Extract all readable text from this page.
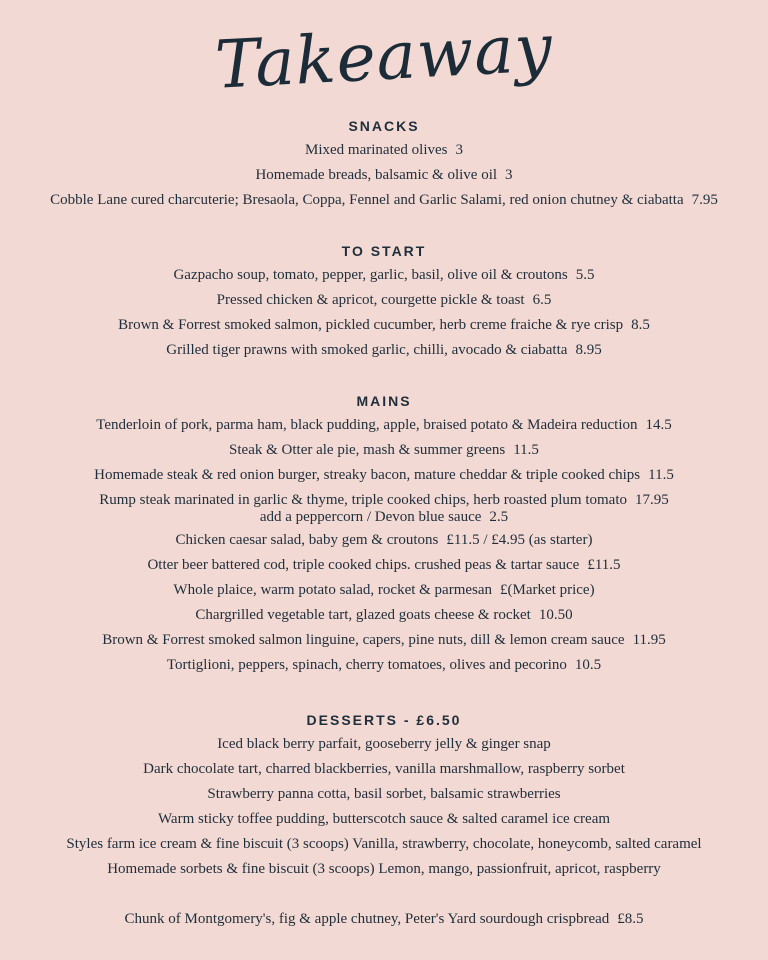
Takeaway
SNACKS
Mixed marinated olives 3
Homemade breads, balsamic & olive oil 3
Cobble Lane cured charcuterie; Bresaola, Coppa, Fennel and Garlic Salami, red onion chutney & ciabatta 7.95
TO START
Gazpacho soup, tomato, pepper, garlic, basil, olive oil & croutons 5.5
Pressed chicken & apricot, courgette pickle & toast 6.5
Brown & Forrest smoked salmon, pickled cucumber, herb creme fraiche & rye crisp 8.5
Grilled tiger prawns with smoked garlic, chilli, avocado & ciabatta 8.95
MAINS
Tenderloin of pork, parma ham, black pudding, apple, braised potato & Madeira reduction 14.5
Steak & Otter ale pie, mash & summer greens 11.5
Homemade steak & red onion burger, streaky bacon, mature cheddar & triple cooked chips 11.5
Rump steak marinated in garlic & thyme, triple cooked chips, herb roasted plum tomato 17.95
add a peppercorn / Devon blue sauce 2.5
Chicken caesar salad, baby gem & croutons £11.5 / £4.95 (as starter)
Otter beer battered cod, triple cooked chips. crushed peas & tartar sauce £11.5
Whole plaice, warm potato salad, rocket & parmesan £(Market price)
Chargrilled vegetable tart, glazed goats cheese & rocket 10.50
Brown & Forrest smoked salmon linguine, capers, pine nuts, dill & lemon cream sauce 11.95
Tortiglioni, peppers, spinach, cherry tomatoes, olives and pecorino 10.5
DESSERTS - £6.50
Iced black berry parfait, gooseberry jelly & ginger snap
Dark chocolate tart, charred blackberries, vanilla marshmallow, raspberry sorbet
Strawberry panna cotta, basil sorbet, balsamic strawberries
Warm sticky toffee pudding, butterscotch sauce & salted caramel ice cream
Styles farm ice cream & fine biscuit (3 scoops) Vanilla, strawberry, chocolate, honeycomb, salted caramel
Homemade sorbets & fine biscuit (3 scoops) Lemon, mango, passionfruit, apricot, raspberry
Chunk of Montgomery's, fig & apple chutney, Peter's Yard sourdough crispbread £8.5
